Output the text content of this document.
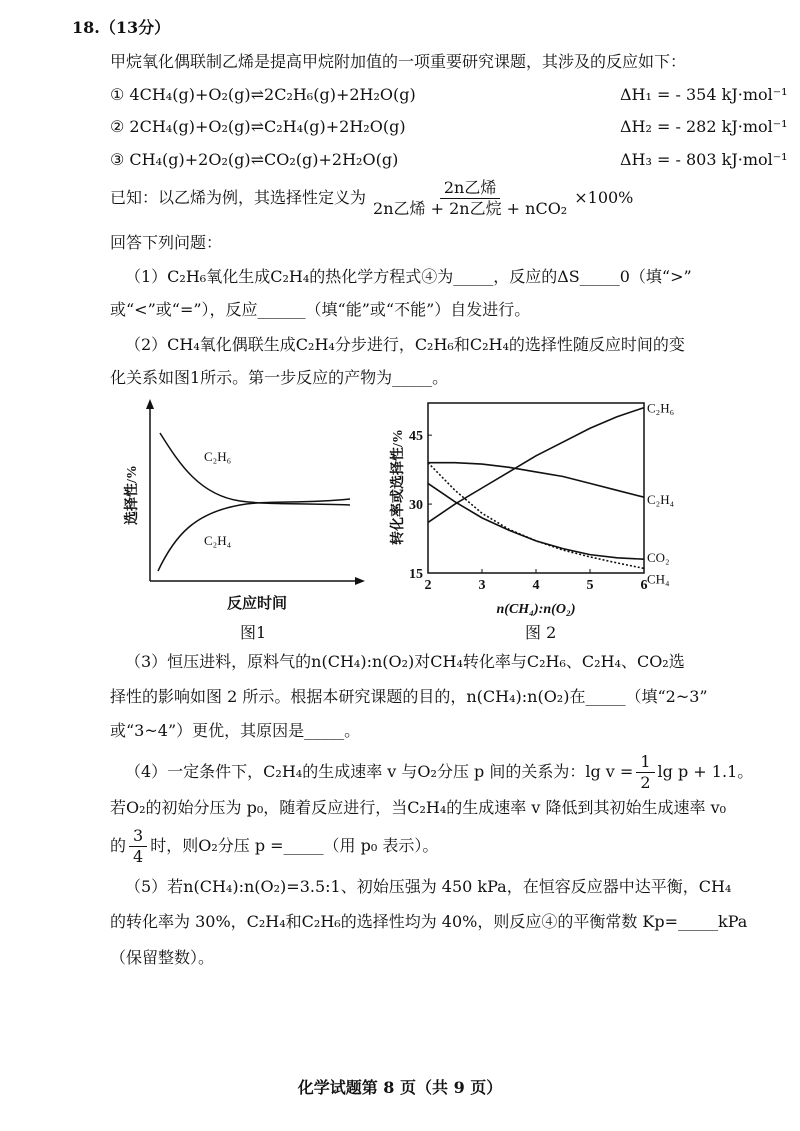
18.（13分）
甲烷氧化偶联制乙烯是提高甲烷附加值的一项重要研究课题，其涉及的反应如下：
① 4CH₄(g)+O₂(g)⇌2C₂H₆(g)+2H₂O(g)	ΔH₁ = - 354 kJ·mol⁻¹
② 2CH₄(g)+O₂(g)⇌C₂H₄(g)+2H₂O(g)	ΔH₂ = - 282 kJ·mol⁻¹
③ CH₄(g)+2O₂(g)⇌CO₂(g)+2H₂O(g)	ΔH₃ = - 803 kJ·mol⁻¹
已知：以乙烯为例，其选择性定义为 $\frac{\text{2n乙烯}}{\text{2n乙烯 + 2n乙烷 + nCO₂}} \times 100\%$
回答下列问题：
（1）C₂H₆氧化生成C₂H₄的热化学方程式④为_____，反应的ΔS_____0（填“>”
或“<”或“=”），反应______（填“能”或“不能”）自发进行。
（2）CH₄氧化偶联生成C₂H₄分步进行，C₂H₆和C₂H₄的选择性随反应时间的变
化关系如图1所示。第一步反应的产物为_____。
C₂H₆
C₂H₄
选择性/%
反应时间
图1
转化率或选择性/%
n(CH₄):n(O₂)
2	3	4	5	6
15
30
45
C₂H₆
C₂H₄
CO₂
CH₄
图 2
（3）恒压进料，原料气的n(CH₄):n(O₂)对CH₄转化率与C₂H₆、C₂H₄、CO₂选
择性的影响如图 2 所示。根据本研究课题的目的，n(CH₄):n(O₂)在_____（填“2~3”
或“3~4”）更优，其原因是_____。
（4）一定条件下，C₂H₄的生成速率 v 与O₂分压 p 间的关系为：$\lg v = \frac{1}{2}$ lg p + 1.1。
若O₂的初始分压为 p₀，随着反应进行，当C₂H₄的生成速率 v 降低到其初始生成速率 v₀
的 $\frac{3}{4}$ 时，则O₂分压 p =_____（用 p₀ 表示）。
（5）若n(CH₄):n(O₂)=3.5:1、初始压强为 450 kPa，在恒容反应器中达平衡，CH₄
的转化率为 30%，C₂H₄和C₂H₆的选择性均为 40%，则反应④的平衡常数 Kp=_____kPa
（保留整数）。
化学试题第 8 页（共 9 页）
